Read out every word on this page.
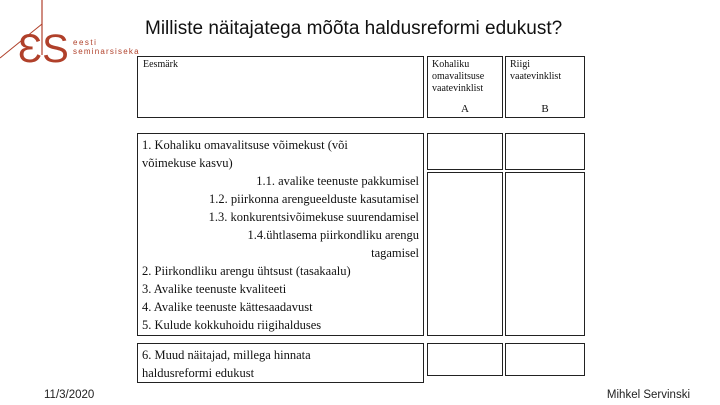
ƐS eesti
seminarsiseka
Milliste näitajatega mõõta haldusreformi edukust?
Eesmärk	Kohaliku omavalitsuse vaatevinklist
A
Riigi vaatevinklist
B
1. Kohaliku omavalitsuse võimekust (või
võimekuse kasvu)
1.1. avalike teenuste pakkumisel
1.2. piirkonna arengueelduste kasutamisel
1.3. konkurentsivõimekuse suurendamisel
1.4.ühtlasema piirkondliku arengu
tagamisel
2. Piirkondliku arengu ühtsust (tasakaalu)
3. Avalike teenuste kvaliteeti
4. Avalike teenuste kättesaadavust
5. Kulude kokkuhoidu riigihalduses
6. Muud näitajad, millega hinnata
haldusreformi edukust
11/3/2020	Mihkel Servinski
